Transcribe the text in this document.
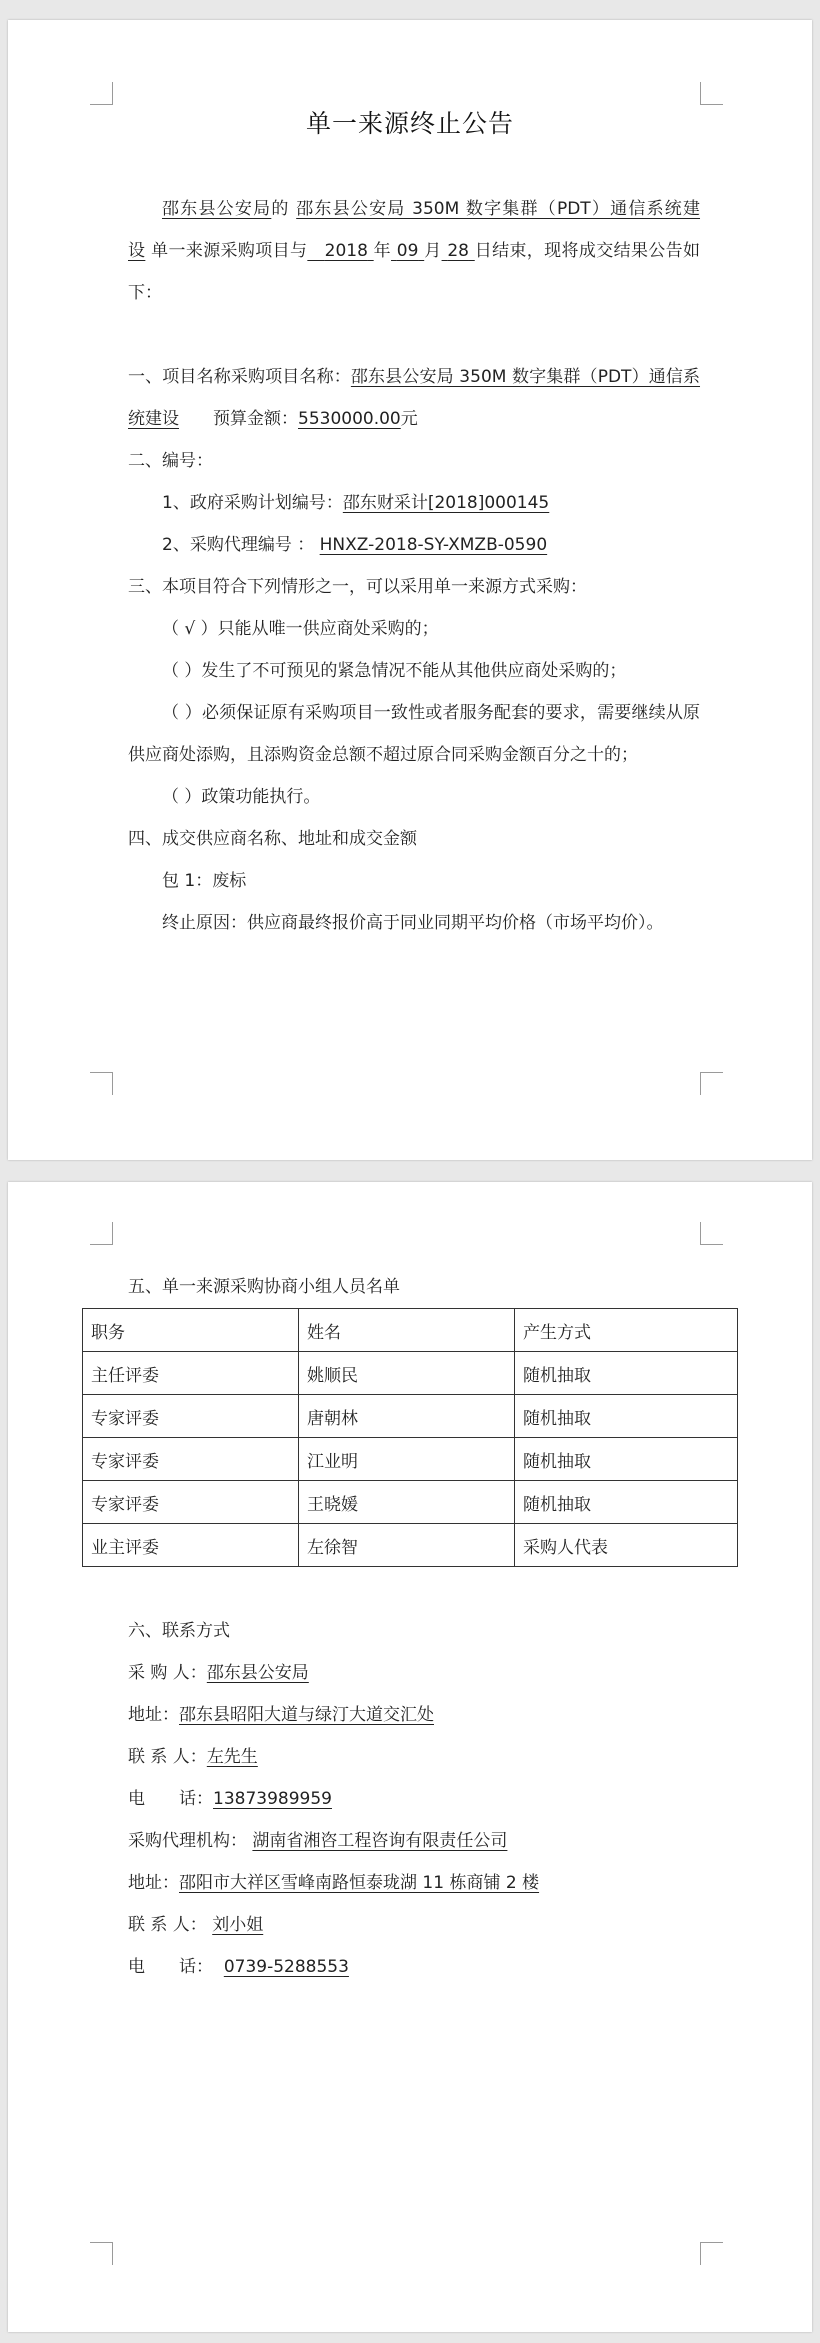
单一来源终止公告
邵东县公安局的 邵东县公安局 350M 数字集群（PDT）通信系统建设 单一来源采购项目与 2018 年 09 月 28 日结束，现将成交结果公告如下：
一、项目名称采购项目名称：邵东县公安局 350M 数字集群（PDT）通信系统建设 预算金额：5530000.00元
二、编号：
1、政府采购计划编号：邵东财采计[2018]000145
2、采购代理编号 ： HNXZ-2018-SY-XMZB-0590
三、本项目符合下列情形之一，可以采用单一来源方式采购：
（ √ ）只能从唯一供应商处采购的；
（ ）发生了不可预见的紧急情况不能从其他供应商处采购的；
（ ）必须保证原有采购项目一致性或者服务配套的要求，需要继续从原供应商处添购，且添购资金总额不超过原合同采购金额百分之十的；
（ ）政策功能执行。
四、成交供应商名称、地址和成交金额
包 1：废标
终止原因：供应商最终报价高于同业同期平均价格（市场平均价）。
五、单一来源采购协商小组人员名单
职务	姓名	产生方式
主任评委	姚顺民	随机抽取
专家评委	唐朝林	随机抽取
专家评委	江业明	随机抽取
专家评委	王晓媛	随机抽取
业主评委	左徐智	采购人代表
六、联系方式
采 购 人：邵东县公安局
地址：邵东县昭阳大道与绿汀大道交汇处
联 系 人：左先生
电　　话：13873989959
采购代理机构： 湖南省湘咨工程咨询有限责任公司
地址：邵阳市大祥区雪峰南路恒泰珑湖 11 栋商铺 2 楼
联 系 人： 刘小姐
电　　话： 0739-5288553
